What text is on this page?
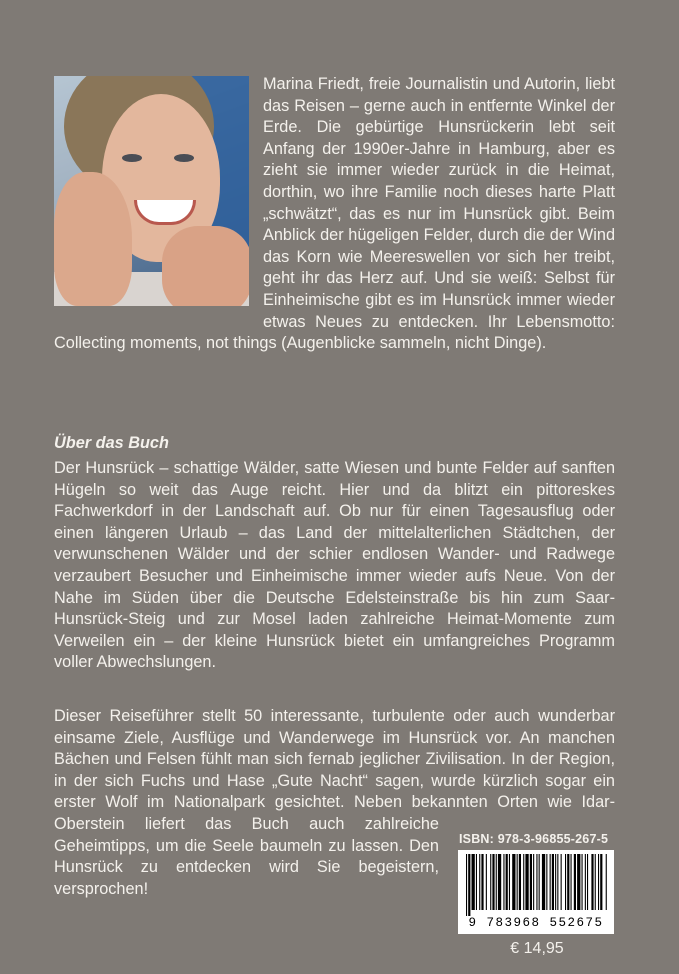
Marina Friedt, freie Journalistin und Autorin, liebt das Reisen – gerne auch in entfernte Winkel der Erde. Die gebürtige Hunsrückerin lebt seit Anfang der 1990er-Jahre in Hamburg, aber es zieht sie immer wieder zurück in die Heimat, dorthin, wo ihre Familie noch dieses harte Platt „schwätzt“, das es nur im Hunsrück gibt. Beim Anblick der hügeligen Felder, durch die der Wind das Korn wie Meereswellen vor sich her treibt, geht ihr das Herz auf. Und sie weiß: Selbst für Einheimische gibt es im Hunsrück immer wieder etwas Neues zu entdecken. Ihr Lebensmotto: Collecting moments, not things (Augenblicke sammeln, nicht Dinge).

Über das Buch

Der Hunsrück – schattige Wälder, satte Wiesen und bunte Felder auf sanften Hügeln so weit das Auge reicht. Hier und da blitzt ein pittoreskes Fachwerkdorf in der Landschaft auf. Ob nur für einen Tagesausflug oder einen längeren Urlaub – das Land der mittelalterlichen Städtchen, der verwunschenen Wälder und der schier endlosen Wander- und Radwege verzaubert Besucher und Einheimische immer wieder aufs Neue. Von der Nahe im Süden über die Deutsche Edelsteinstraße bis hin zum Saar-Hunsrück-Steig und zur Mosel laden zahlreiche Heimat-Momente zum Verweilen ein – der kleine Hunsrück bietet ein umfangreiches Programm voller Abwechslungen.

Dieser Reiseführer stellt 50 interessante, turbulente oder auch wunderbar einsame Ziele, Ausflüge und Wanderwege im Hunsrück vor. An manchen Bächen und Felsen fühlt man sich fernab jeglicher Zivilisation. In der Region, in der sich Fuchs und Hase „Gute Nacht“ sagen, wurde kürzlich sogar ein erster Wolf im Nationalpark gesichtet. Neben bekannten Orten wie Idar-Oberstein liefert das Buch auch zahlreiche Geheimtipps, um die Seele baumeln zu lassen. Den Hunsrück zu entdecken wird Sie begeistern, versprochen!

ISBN: 978-3-96855-267-5
9 783968 552675
€ 14,95
